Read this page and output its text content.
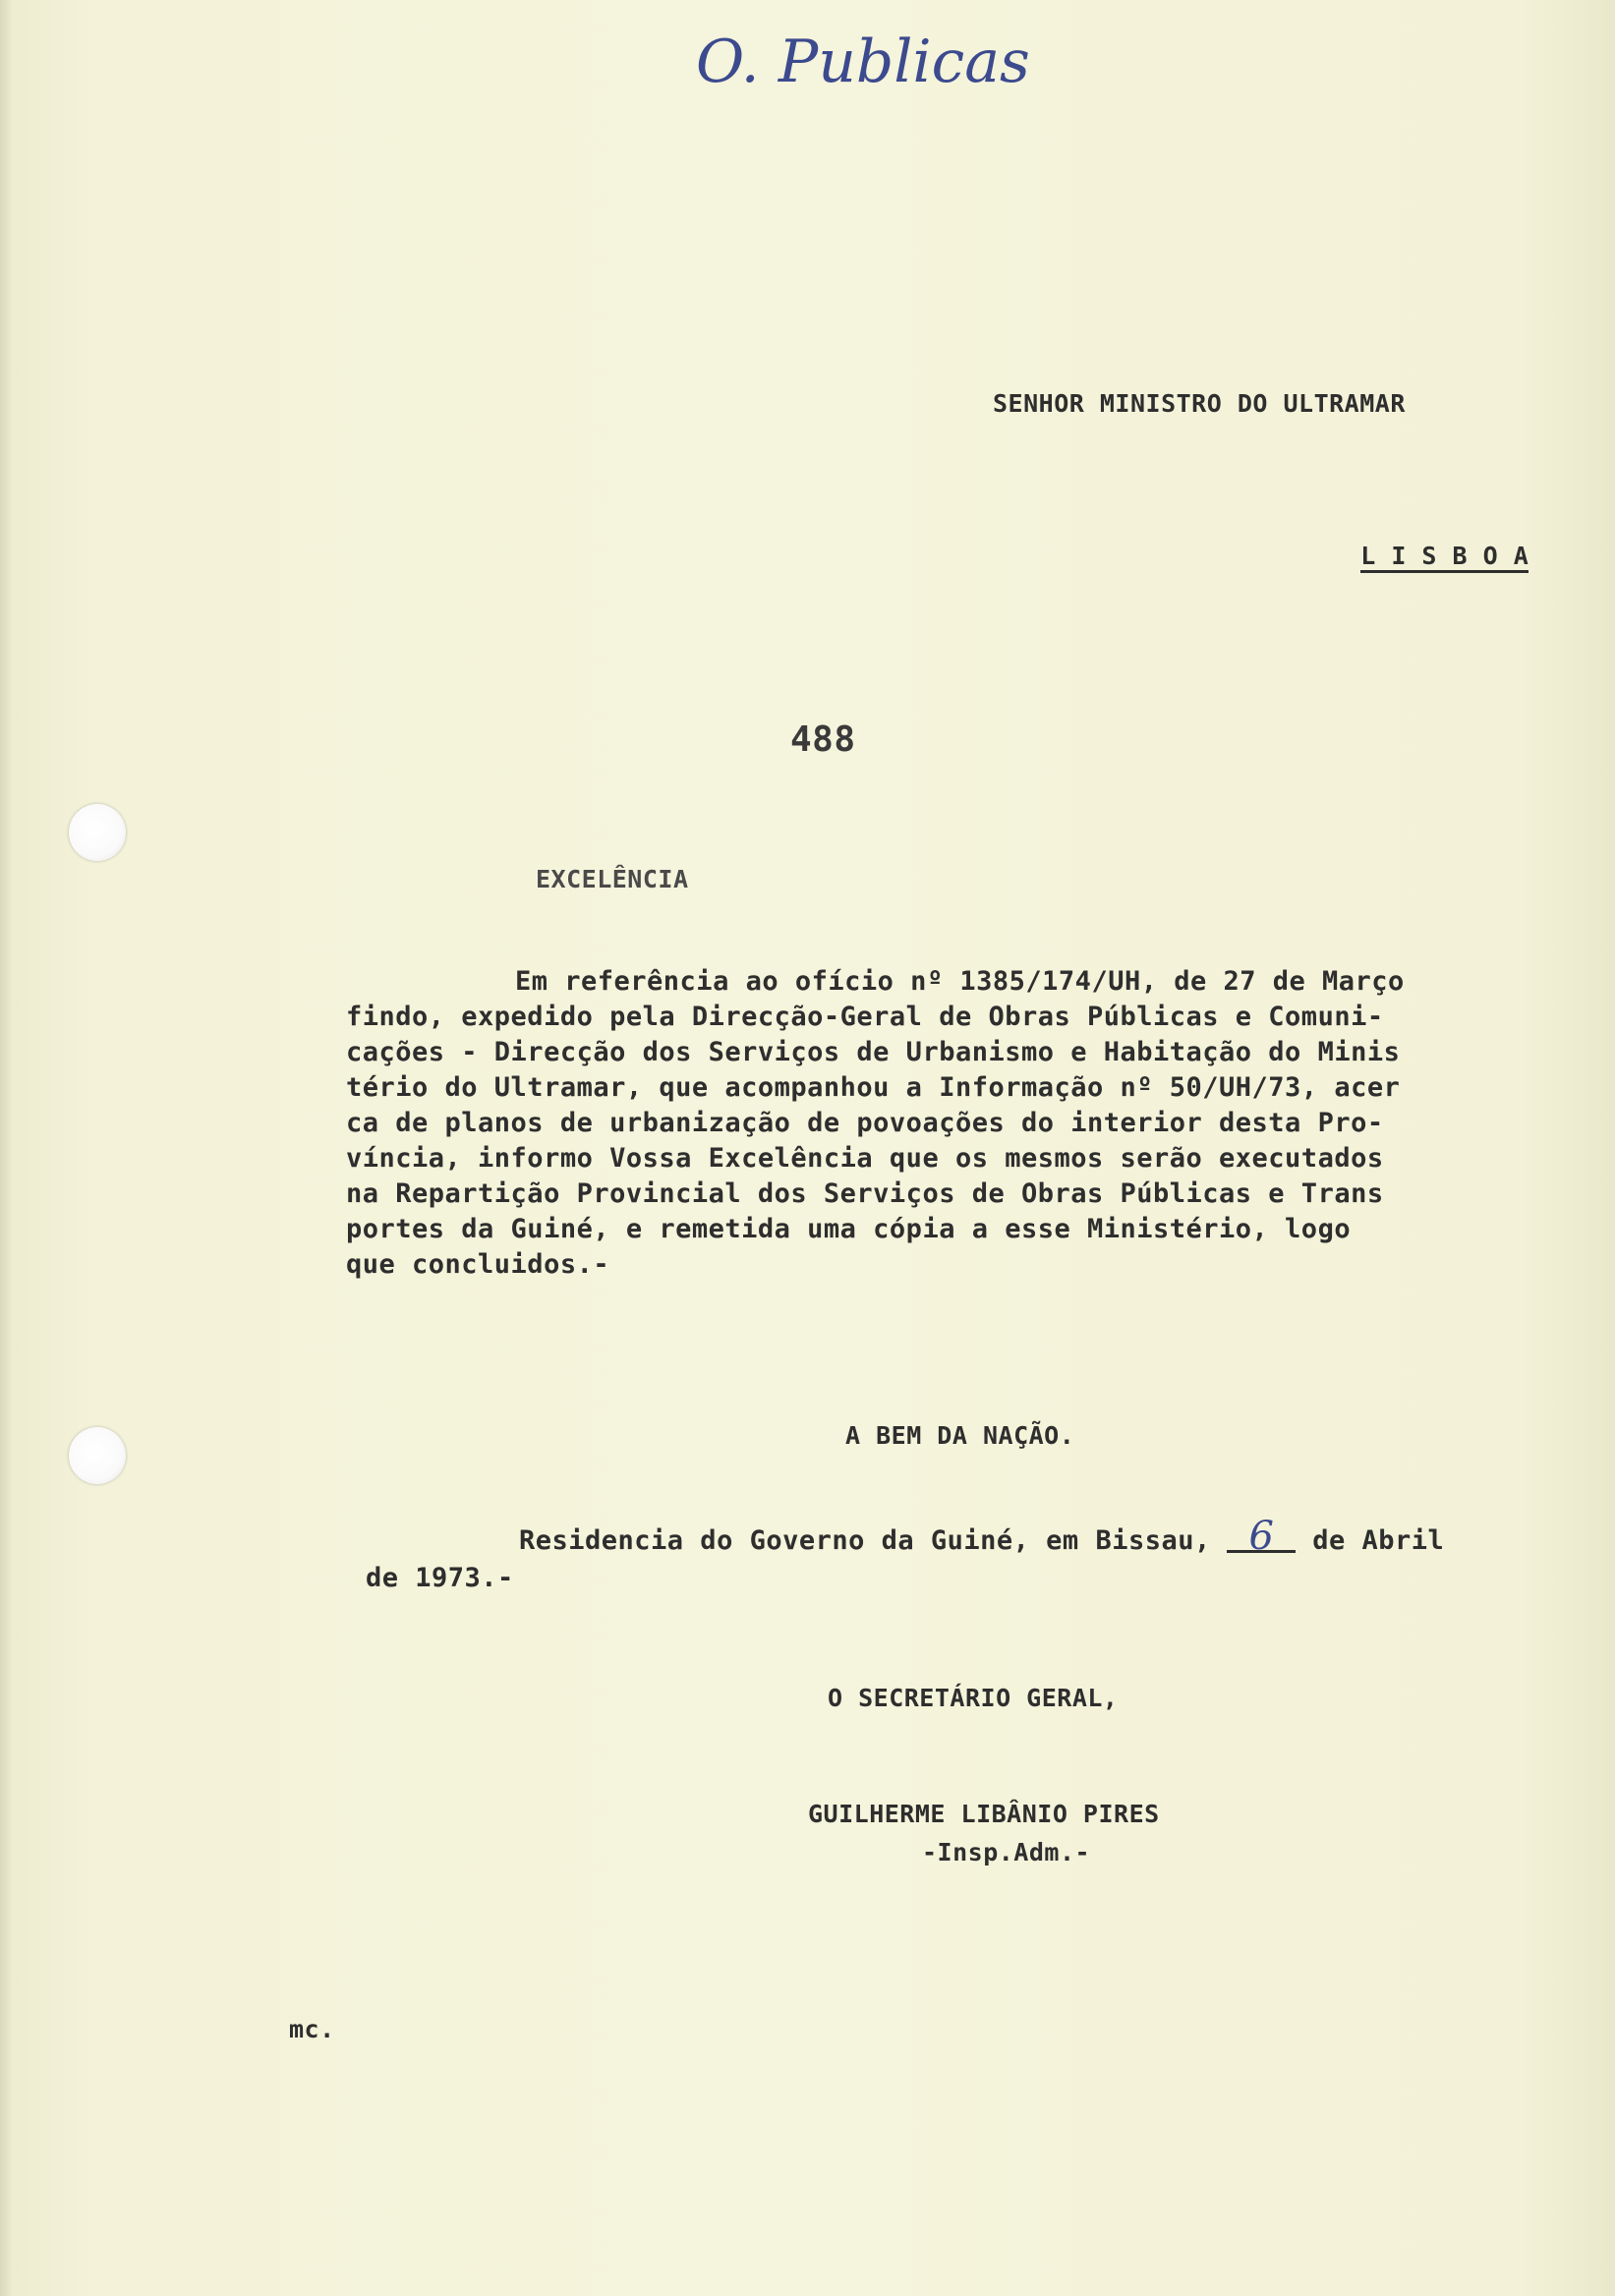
O. Publicas

SENHOR MINISTRO DO ULTRAMAR

L I S B O A

488

EXCELÊNCIA

Em referência ao ofício nº 1385/174/UH, de 27 de Março

findo, expedido pela Direcção-Geral de Obras Públicas e Comuni-

cações - Direcção dos Serviços de Urbanismo e Habitação do Minis

tério do Ultramar, que acompanhou a Informação nº 50/UH/73, acer

ca de planos de urbanização de povoações do interior desta Pro-

víncia, informo Vossa Excelência que os mesmos serão executados

na Repartição Provincial dos Serviços de Obras Públicas e Trans

portes da Guiné, e remetida uma cópia a esse Ministério, logo

que concluidos.-

A BEM DA NAÇÃO.

Residencia do Governo da Guiné, em Bissau, 6 de Abril

de 1973.-

O SECRETÁRIO GERAL,

GUILHERME LIBÂNIO PIRES

-Insp.Adm.-

mc.
